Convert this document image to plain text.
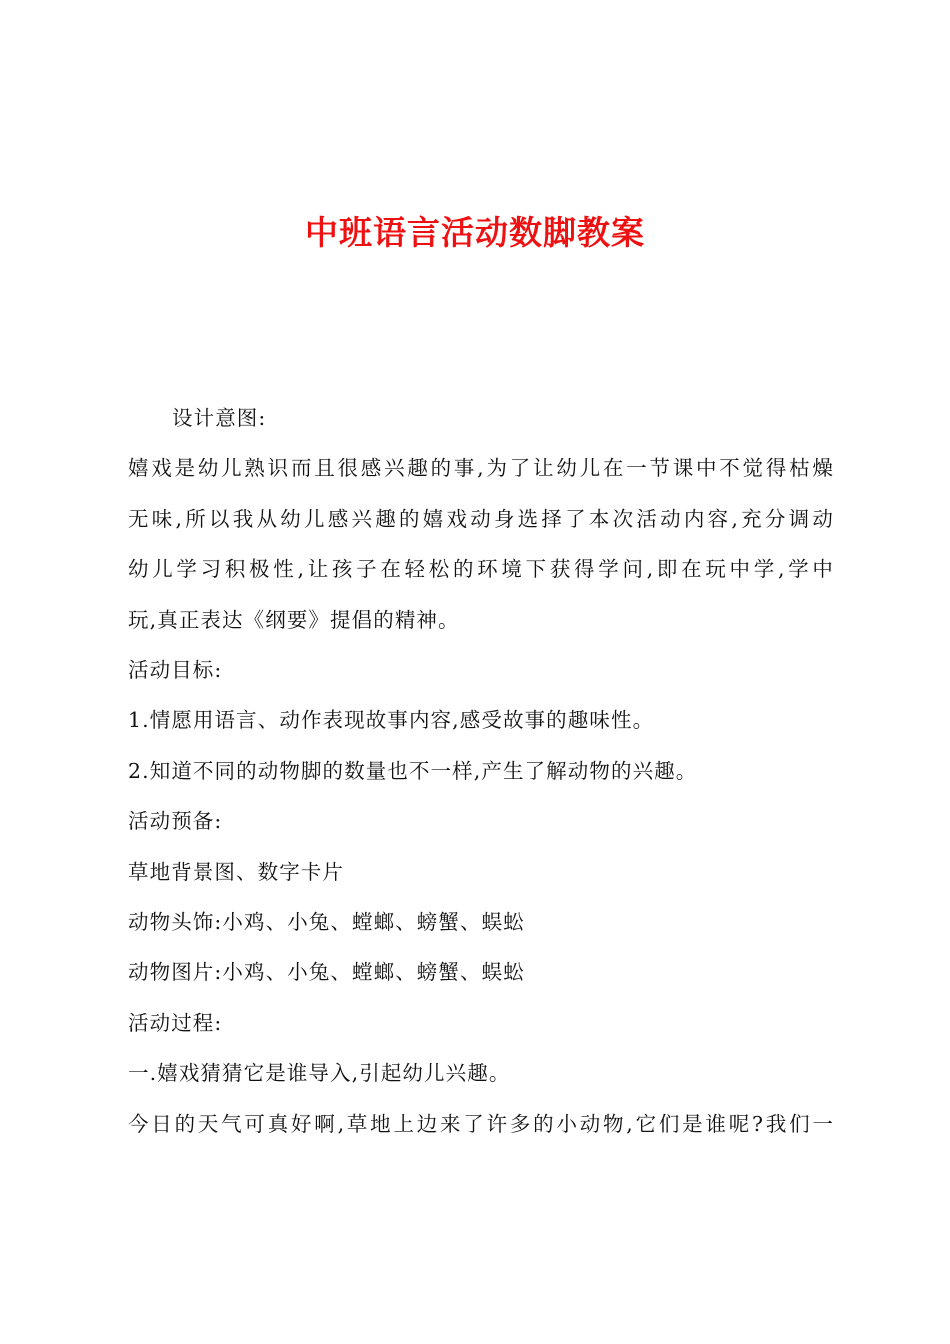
中班语言活动数脚教案
设计意图:
嬉戏是幼儿熟识而且很感兴趣的事,为了让幼儿在一节课中不觉得枯燥
无味,所以我从幼儿感兴趣的嬉戏动身选择了本次活动内容,充分调动
幼儿学习积极性,让孩子在轻松的环境下获得学问,即在玩中学,学中
玩,真正表达《纲要》提倡的精神。
活动目标:
1.情愿用语言、动作表现故事内容,感受故事的趣味性。
2.知道不同的动物脚的数量也不一样,产生了解动物的兴趣。
活动预备:
草地背景图、数字卡片
动物头饰:小鸡、小兔、螳螂、螃蟹、蜈蚣
动物图片:小鸡、小兔、螳螂、螃蟹、蜈蚣
活动过程:
一.嬉戏猜猜它是谁导入,引起幼儿兴趣。
今日的天气可真好啊,草地上边来了许多的小动物,它们是谁呢?我们一
